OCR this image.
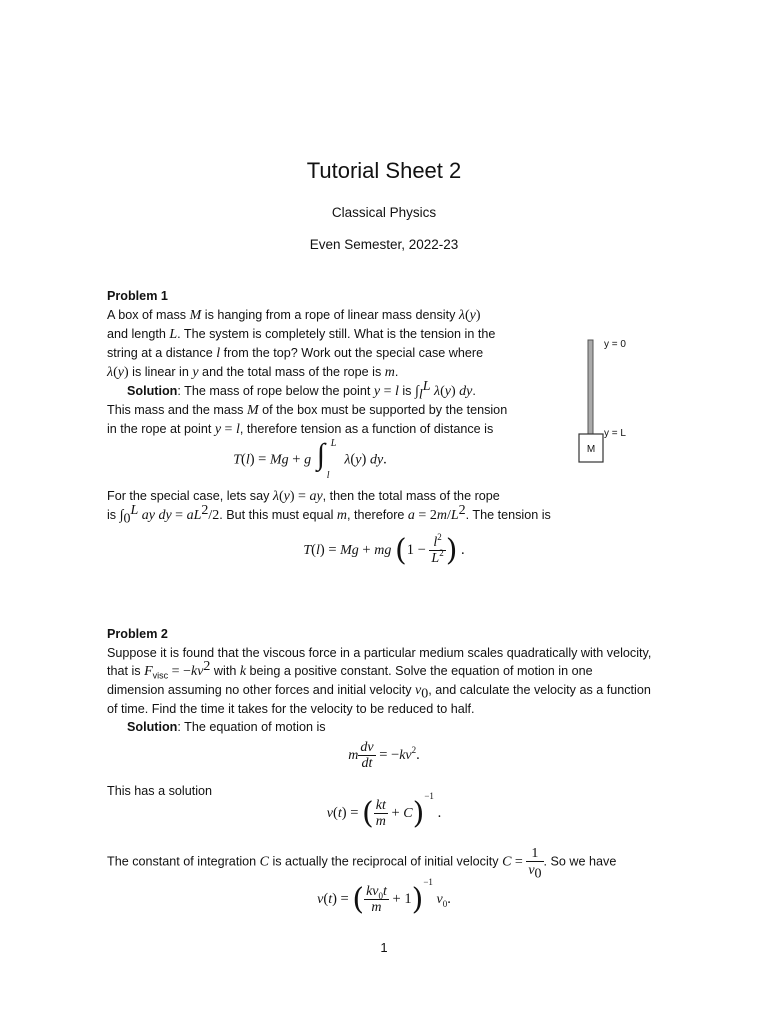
Tutorial Sheet 2
Classical Physics
Even Semester, 2022-23
Problem 1

A box of mass M is hanging from a rope of linear mass density λ(y)

and length L. The system is completely still. What is the tension in the

string at a distance l from the top? Work out the special case where

λ(y) is linear in y and the total mass of the rope is m.

Solution: The mass of rope below the point y = l is $\int_l^L$ λ(y) dy.

This mass and the mass M of the box must be supported by the tension

in the rope at point y = l, therefore tension as a function of distance is

y = 0
y = L
M
T(l) = Mg + g ∫ L
l
λ(y) dy.

For the special case, lets say λ(y) = ay, then the total mass of the rope

is $\int_0^L$ ay dy = $aL^2/2$. But this must equal m, therefore $a = 2m/L^2$. The tension is

T(l) = Mg + mg ($1 - \frac{l^2}{L^2}$ ) .
Problem 2

Suppose it is found that the viscous force in a particular medium scales quadratically with velocity,

that is $F_{visc} = -kv^2$ with k being a positive constant. Solve the equation of motion in one

dimension assuming no other forces and initial velocity $v_0$, and calculate the velocity as a function

of time. Find the time it takes for the velocity to be reduced to half.

Solution: The equation of motion is

m $\frac{dv}{dt} = -kv^2$.
This has a solution
v(t) = ( $\frac{kt}{m} + C)^{-1}$ .
The constant of integration C is actually the reciprocal of initial velocity $C = \frac{1}{v_0}$ . So we have
v(t) = ( $\frac{kv_0t}{m} + 1)^{-1}$ $v_0$.
1
